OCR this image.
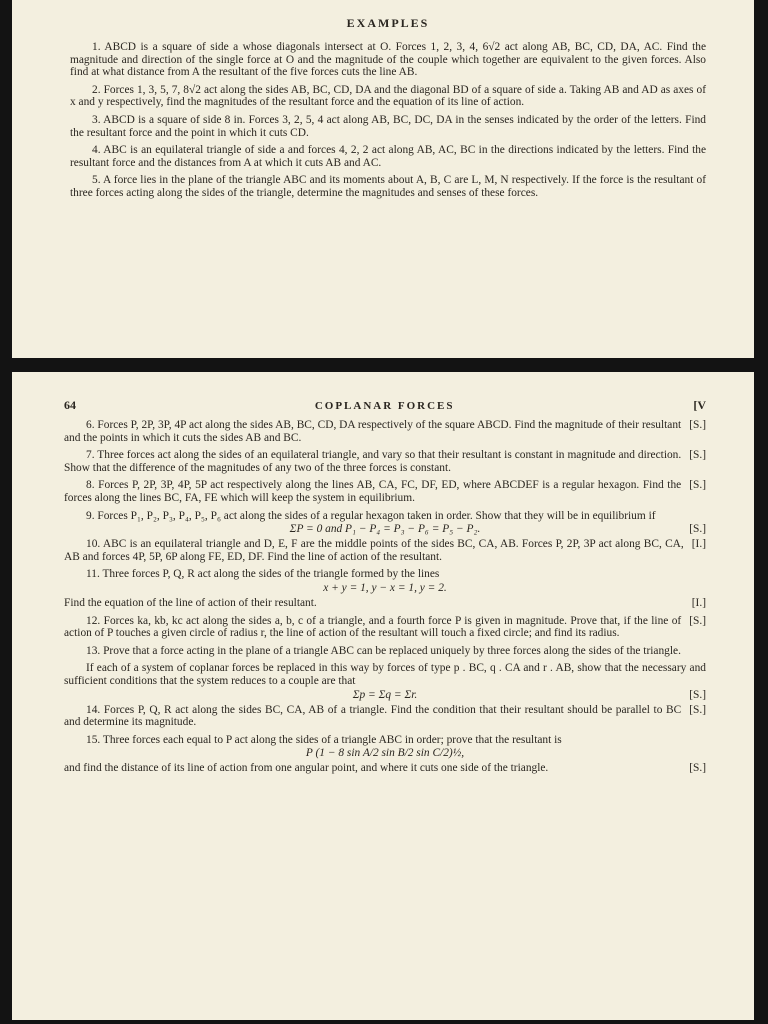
EXAMPLES

1. ABCD is a square of side a whose diagonals intersect at O. Forces 1, 2, 3, 4, 6√2 act along AB, BC, CD, DA, AC. Find the magnitude and direction of the single force at O and the magnitude of the couple which together are equivalent to the given forces. Also find at what distance from A the resultant of the five forces cuts the line AB.

2. Forces 1, 3, 5, 7, 8√2 act along the sides AB, BC, CD, DA and the diagonal BD of a square of side a. Taking AB and AD as axes of x and y respectively, find the magnitudes of the resultant force and the equation of its line of action.

3. ABCD is a square of side 8 in. Forces 3, 2, 5, 4 act along AB, BC, DC, DA in the senses indicated by the order of the letters. Find the resultant force and the point in which it cuts CD.

4. ABC is an equilateral triangle of side a and forces 4, 2, 2 act along AB, AC, BC in the directions indicated by the letters. Find the resultant force and the distances from A at which it cuts AB and AC.

5. A force lies in the plane of the triangle ABC and its moments about A, B, C are L, M, N respectively. If the force is the resultant of three forces acting along the sides of the triangle, determine the magnitudes and senses of these forces.

64	COPLANAR FORCES	[V

[S.]
6. Forces P, 2P, 3P, 4P act along the sides AB, BC, CD, DA respectively of the square ABCD. Find the magnitude of their resultant and the points in which it cuts the sides AB and BC.

[S.]
7. Three forces act along the sides of an equilateral triangle, and vary so that their resultant is constant in magnitude and direction. Show that the difference of the magnitudes of any two of the three forces is constant.

[S.]
8. Forces P, 2P, 3P, 4P, 5P act respectively along the lines AB, CA, FC, DF, ED, where ABCDEF is a regular hexagon. Find the forces along the lines BC, FA, FE which will keep the system in equilibrium.

9. Forces P₁, P₂, P₃, P₄, P₅, P₆ act along the sides of a regular hexagon taken in order. Show that they will be in equilibrium if

ΣP = 0 and P₁ − P₄ = P₃ − P₆ = P₅ − P₂.	[S.]

[I.]
10. ABC is an equilateral triangle and D, E, F are the middle points of the sides BC, CA, AB. Forces P, 2P, 3P act along BC, CA, AB and forces 4P, 5P, 6P along FE, ED, DF. Find the line of action of the resultant.

11. Three forces P, Q, R act along the sides of the triangle formed by the lines

x + y = 1, y − x = 1, y = 2.

[I.]
Find the equation of the line of action of their resultant.

[S.]
12. Forces ka, kb, kc act along the sides a, b, c of a triangle, and a fourth force P is given in magnitude. Prove that, if the line of action of P touches a given circle of radius r, the line of action of the resultant will touch a fixed circle; and find its radius.

13. Prove that a force acting in the plane of a triangle ABC can be replaced uniquely by three forces along the sides of the triangle.

If each of a system of coplanar forces be replaced in this way by forces of type p . BC, q . CA and r . AB, show that the necessary and sufficient conditions that the system reduces to a couple are that

Σp = Σq = Σr.	[S.]

[S.]
14. Forces P, Q, R act along the sides BC, CA, AB of a triangle. Find the condition that their resultant should be parallel to BC and determine its magnitude.

15. Three forces each equal to P act along the sides of a triangle ABC in order; prove that the resultant is

P (1 − 8 sin A/2 sin B/2 sin C/2)½,

[S.]
and find the distance of its line of action from one angular point, and where it cuts one side of the triangle.
